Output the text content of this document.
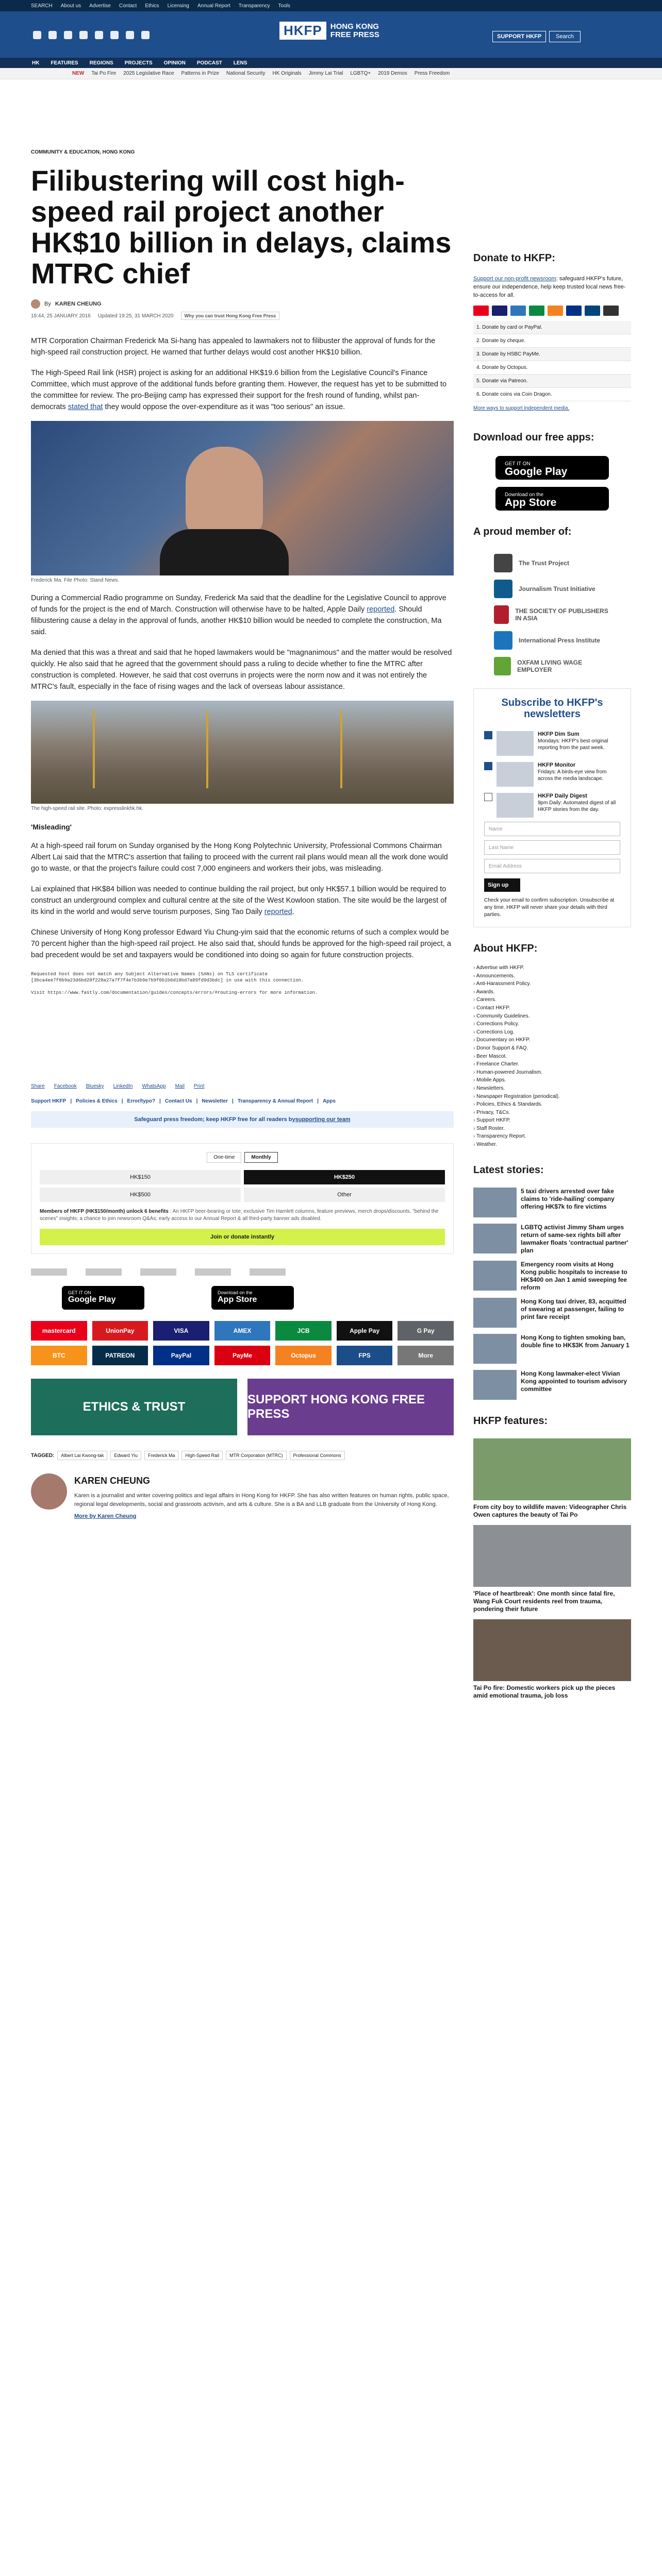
SEARCH About us Advertise Contact Ethics Licensing Annual Report Transparency Tools
HKFP	HONG KONG
FREE PRESS	SUPPORT HKFP	Search
HK FEATURES REGIONS PROJECTS OPINION PODCAST LENS
NEW Tai Po Fire 2025 Legislative Race Patterns in Prize National Security HK Originals Jimmy Lai Trial LGBTQ+ 2019 Demos Press Freedom
COMMUNITY & EDUCATION, HONG KONG
Filibustering will cost high-speed rail project another HK$10 billion in delays, claims MTRC chief
By KAREN CHEUNG
19:44, 25 JANUARY 2016 Updated 19:25, 31 MARCH 2020	Why you can trust Hong Kong Free Press

MTR Corporation Chairman Frederick Ma Si-hang has appealed to lawmakers not to filibuster the approval of funds for the high-speed rail construction project. He warned that further delays would cost another HK$10 billion.

The High-Speed Rail link (HSR) project is asking for an additional HK$19.6 billion from the Legislative Council's Finance Committee, which must approve of the additional funds before granting them. However, the request has yet to be submitted to the committee for review. The pro-Beijing camp has expressed their support for the fresh round of funding, whilst pan-democrats stated that they would oppose the over-expenditure as it was "too serious" an issue.

Frederick Ma. File Photo: Stand News.

During a Commercial Radio programme on Sunday, Frederick Ma said that the deadline for the Legislative Council to approve of funds for the project is the end of March. Construction will otherwise have to be halted, Apple Daily reported. Should filibustering cause a delay in the approval of funds, another HK$10 billion would be needed to complete the construction, Ma said.

Ma denied that this was a threat and said that he hoped lawmakers would be "magnanimous" and the matter would be resolved quickly. He also said that he agreed that the government should pass a ruling to decide whether to fine the MTRC after construction is completed. However, he said that cost overruns in projects were the norm now and it was not entirely the MTRC's fault, especially in the face of rising wages and the lack of overseas labour assistance.

The high-speed rail site. Photo: expresslinkhk.hk.
'Misleading'

At a high-speed rail forum on Sunday organised by the Hong Kong Polytechnic University, Professional Commons Chairman Albert Lai said that the MTRC's assertion that failing to proceed with the current rail plans would mean all the work done would go to waste, or that the project's failure could cost 7,000 engineers and workers their jobs, was misleading.

Lai explained that HK$84 billion was needed to continue building the rail project, but only HK$57.1 billion would be required to construct an underground complex and cultural centre at the site of the West Kowloon station. The site would be the largest of its kind in the world and would serve tourism purposes, Sing Tao Daily reported.

Chinese University of Hong Kong professor Edward Yiu Chung-yim said that the economic returns of such a complex would be 70 percent higher than the high-speed rail project. He also said that, should funds be approved for the high-speed rail project, a bad precedent would be set and taxpayers would be conditioned into doing so again for future construction projects.

Requested host does not match any Subject Alternative Names (SANs) on TLS certificate
[3bca4ee7f8b9a23d6bd28f228a27a7f7f4e7b3b9e7b9f0b1b6d18bd7a09fd9d3bdc] in use with this connection.

Visit https://www.fastly.com/documentation/guides/concepts/errors/#routing-errors for more information.
Share Facebook Bluesky LinkedIn WhatsApp Mail Print
Support HKFP | Policies & Ethics | Error/typo? | Contact Us | Newsletter | Transparency & Annual Report | Apps
Safeguard press freedom; keep HKFP free for all readers by supporting our team
One-time	Monthly
HK$150	HK$250
HK$500	Other
Members of HKFP (HK$150/month) unlock 6 benefits : An HKFP beer-bearing or tote; exclusive Tim Hamlett columns, feature previews, merch drops/discounts, "behind the scenes" insights; a chance to join newsroom Q&As; early access to our Annual Report & all third-party banner ads disabled.
Join or donate instantly
GET IT ON
Google Play
Download on the
App Store
mastercard	UnionPay	VISA	AMEX	JCB	Apple Pay	G Pay
BTC	PATREON	PayPal	PayMe	Octopus	FPS	More
ETHICS & TRUST
SUPPORT HONG KONG FREE PRESS
TAGGED:	Albert Lai Kwong-tak	Edward Yiu	Frederick Ma	High-Speed Rail	MTR Corporation (MTRC)	Professional Commons
KAREN CHEUNG

Karen is a journalist and writer covering politics and legal affairs in Hong Kong for HKFP. She has also written features on human rights, public space, regional legal developments, social and grassroots activism, and arts & culture. She is a BA and LLB graduate from the University of Hong Kong.

More by Karen Cheung
Donate to HKFP:
Support our non-profit newsroom: safeguard HKFP's future, ensure our independence, help keep trusted local news free-to-access for all.
1. Donate by card or PayPal.
2. Donate by cheque.
3. Donate by HSBC PayMe.
4. Donate by Octopus.
5. Donate via Patreon.
6. Donate coins via Coin Dragon.
More ways to support independent media.
Download our free apps:
GET IT ON
Google Play
Download on the
App Store
A proud member of:
The Trust Project
Journalism Trust Initiative
THE SOCIETY OF PUBLISHERS IN ASIA
International Press Institute
OXFAM LIVING WAGE EMPLOYER
Subscribe to HKFP's newsletters
HKFP Dim Sum
Mondays: HKFP's best original reporting from the past week.
HKFP Monitor
Fridays: A birds-eye view from across the media landscape.
HKFP Daily Digest
9pm Daily: Automated digest of all HKFP stories from the day.
Name
Last Name
Email Address
Sign up
Check your email to confirm subscription. Unsubscribe at any time. HKFP will never share your details with third parties.
About HKFP:
› Advertise with HKFP.
› Announcements.
› Anti-Harassment Policy.
› Awards.
› Careers.
› Contact HKFP.
› Community Guidelines.
› Corrections Policy.
› Corrections Log.
› Documentary on HKFP.
› Donor Support & FAQ.
› Beer Mascot.
› Freelance Charter.
› Human-powered Journalism.
› Mobile Apps.
› Newsletters.
› Newspaper Registration (periodical).
› Policies, Ethics & Standards.
› Privacy, T&Cs.
› Support HKFP.
› Staff Roster.
› Transparency Report.
› Weather.
Latest stories:
5 taxi drivers arrested over fake claims to 'ride-hailing' company offering HK$7k to fire victims
LGBTQ activist Jimmy Sham urges return of same-sex rights bill after lawmaker floats 'contractual partner' plan
Emergency room visits at Hong Kong public hospitals to increase to HK$400 on Jan 1 amid sweeping fee reform
Hong Kong taxi driver, 83, acquitted of swearing at passenger, failing to print fare receipt
Hong Kong to tighten smoking ban, double fine to HK$3K from January 1
Hong Kong lawmaker-elect Vivian Kong appointed to tourism advisory committee
HKFP features:
From city boy to wildlife maven: Videographer Chris Owen captures the beauty of Tai Po
'Place of heartbreak': One month since fatal fire, Wang Fuk Court residents reel from trauma, pondering their future
Tai Po fire: Domestic workers pick up the pieces amid emotional trauma, job loss
